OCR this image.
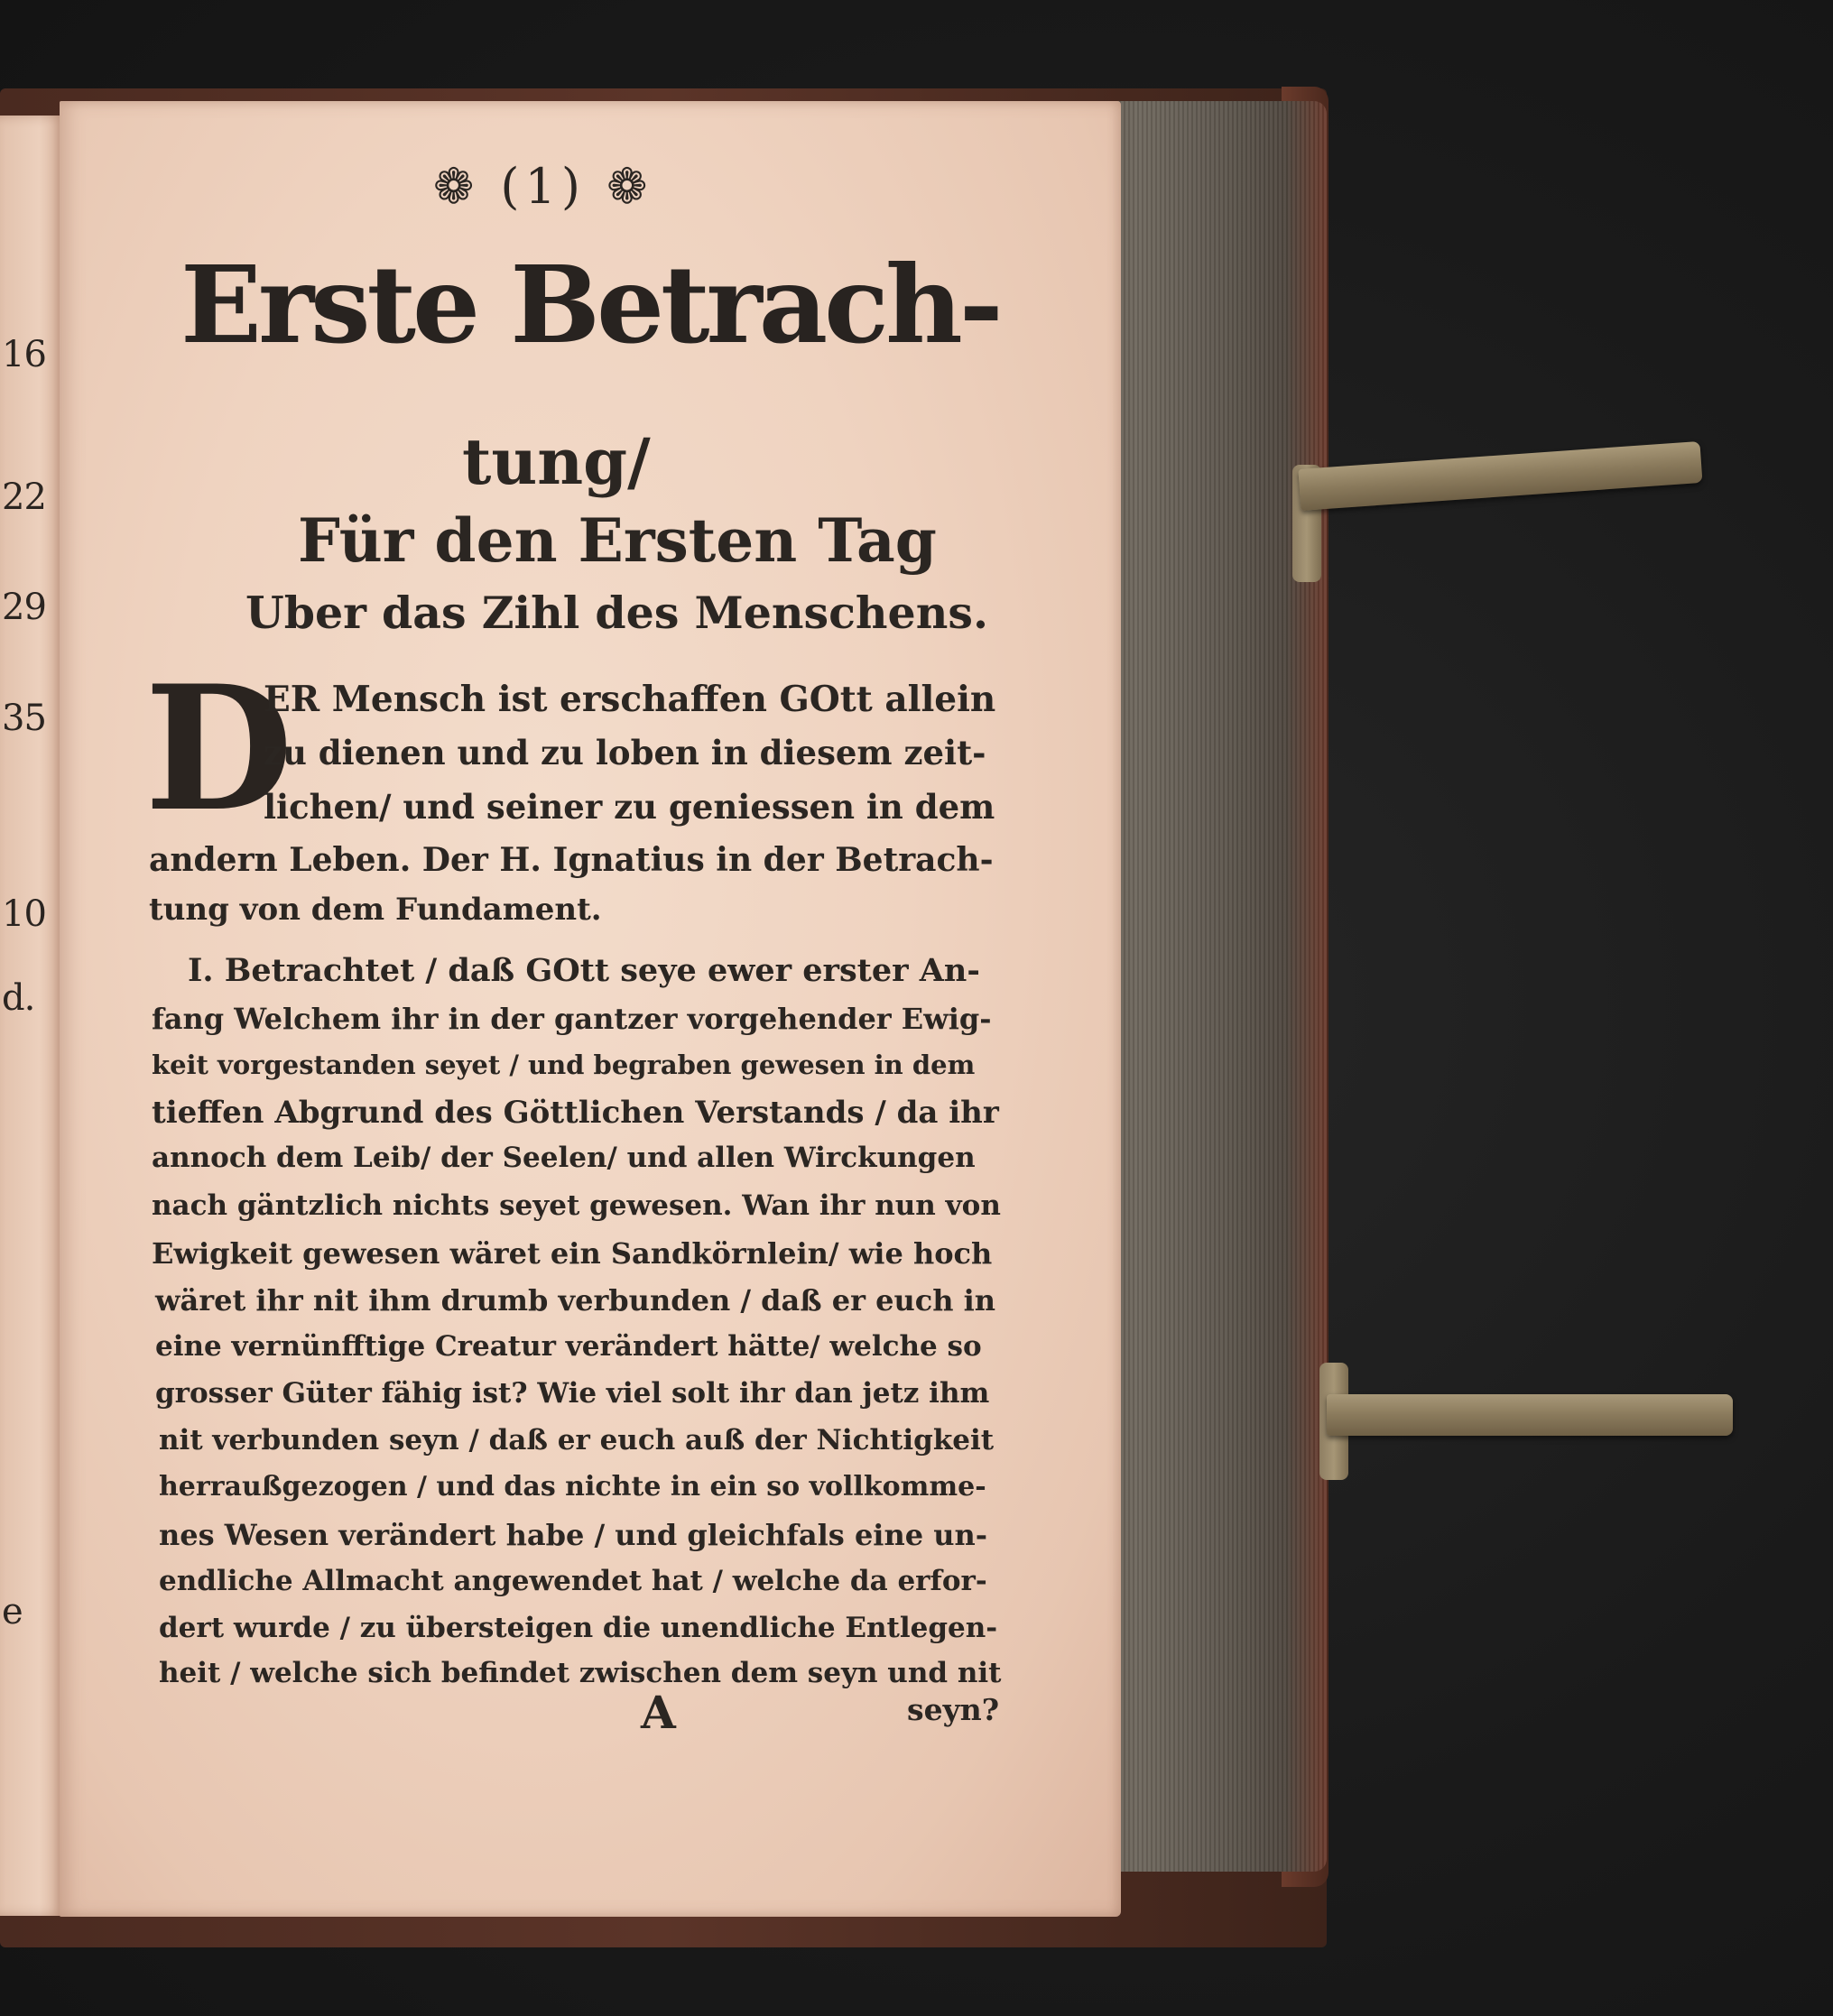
16
22
29
35
10
d.
e
❁ (1) ❁
Erste Betrach-
tung/
Für den Ersten Tag
Uber das Zihl des Menschens.
D
ER Mensch ist erschaffen GOtt allein
zu dienen und zu loben in diesem zeit-
lichen/ und seiner zu geniessen in dem
andern Leben. Der H. Ignatius in der Betrach-
tung von dem Fundament.
I. Betrachtet / daß GOtt seye ewer erster An-
fang Welchem ihr in der gantzer vorgehender Ewig-
keit vorgestanden seyet / und begraben gewesen in dem
tieffen Abgrund des Göttlichen Verstands / da ihr
annoch dem Leib/ der Seelen/ und allen Wirckungen
nach gäntzlich nichts seyet gewesen. Wan ihr nun von
Ewigkeit gewesen wäret ein Sandkörnlein/ wie hoch
wäret ihr nit ihm drumb verbunden / daß er euch in
eine vernünfftige Creatur verändert hätte/ welche so
grosser Güter fähig ist? Wie viel solt ihr dan jetz ihm
nit verbunden seyn / daß er euch auß der Nichtigkeit
herraußgezogen / und das nichte in ein so vollkomme-
nes Wesen verändert habe / und gleichfals eine un-
endliche Allmacht angewendet hat / welche da erfor-
dert wurde / zu übersteigen die unendliche Entlegen-
heit / welche sich befindet zwischen dem seyn und nit
A	seyn?
